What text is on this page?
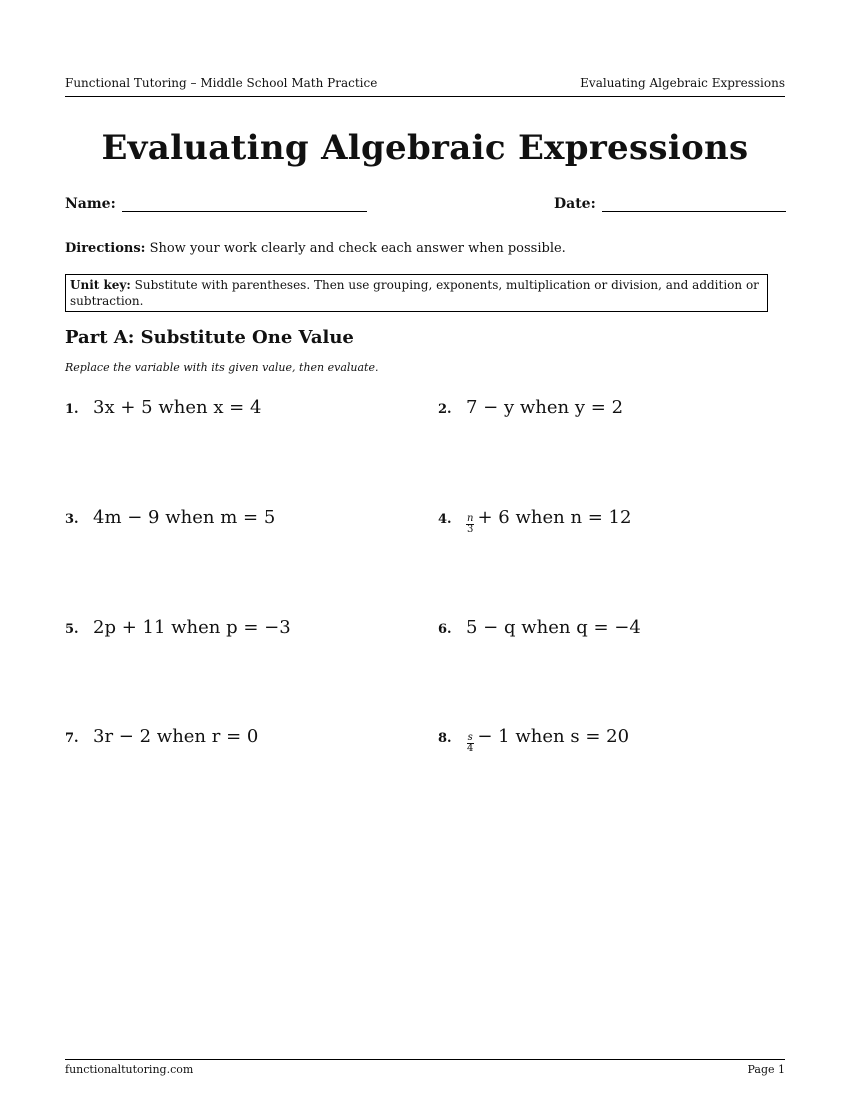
Functional Tutoring – Middle School Math Practice	Evaluating Algebraic Expressions
Evaluating Algebraic Expressions
Name:	Date:
Directions: Show your work clearly and check each answer when possible.
Unit key: Substitute with parentheses. Then use grouping, exponents, multiplication or division, and addition or subtraction.
Part A: Substitute One Value
Replace the variable with its given value, then evaluate.
1. 3x + 5
when
x = 4	2. 7 − y
when
y = 2
3. 4m − 9
when
m = 5	4.	$\frac{n}{3} + 6$
when
n = 12
5. 2p + 11
when
p = −3	6. 5 − q
when
q = −4
7. 3r − 2
when
r = 0	8.	$\frac{s}{4} - 1$
when
s = 20
functionaltutoring.com	Page 1
